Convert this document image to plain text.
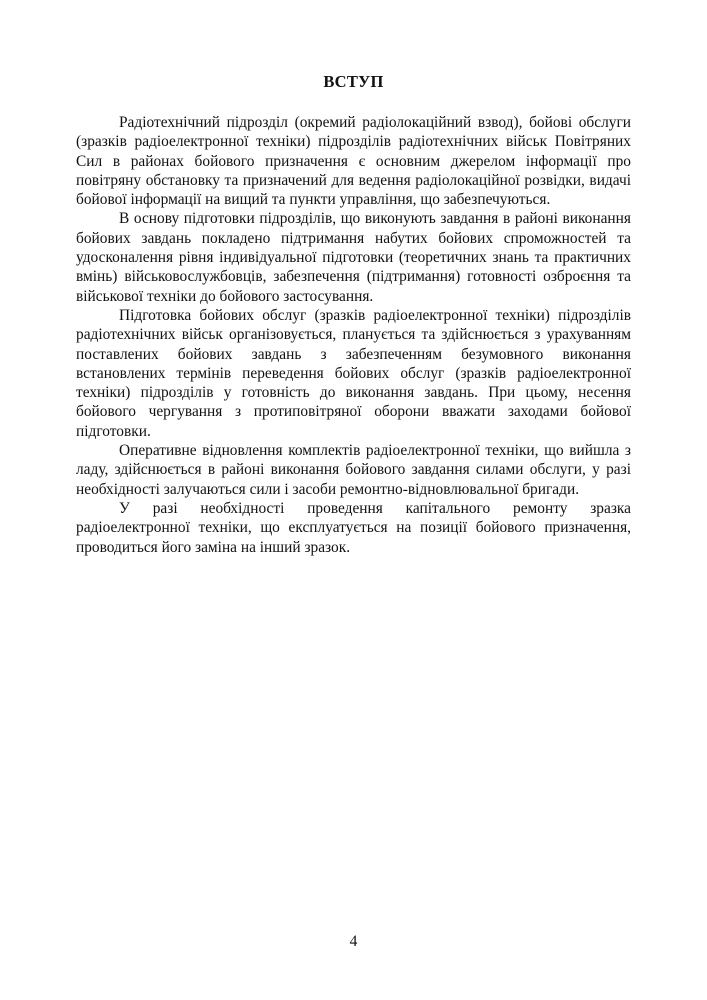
ВСТУП

Радіотехнічний підрозділ (окремий радіолокаційний взвод), бойові обслуги (зразків радіоелектронної техніки) підрозділів радіотехнічних військ Повітряних Сил в районах бойового призначення є основним джерелом інформації про повітряну обстановку та призначений для ведення радіолокаційної розвідки, видачі бойової інформації на вищий та пункти управління, що забезпечуються.

В основу підготовки підрозділів, що виконують завдання в районі виконання бойових завдань покладено підтримання набутих бойових спроможностей та удосконалення рівня індивідуальної підготовки (теоретичних знань та практичних вмінь) військовослужбовців, забезпечення (підтримання) готовності озброєння та військової техніки до бойового застосування.

Підготовка бойових обслуг (зразків радіоелектронної техніки) підрозділів радіотехнічних військ організовується, планується та здійснюється з урахуванням поставлених бойових завдань з забезпеченням безумовного виконання встановлених термінів переведення бойових обслуг (зразків радіоелектронної техніки) підрозділів у готовність до виконання завдань. При цьому, несення бойового чергування з протиповітряної оборони вважати заходами бойової підготовки.

Оперативне відновлення комплектів радіоелектронної техніки, що вийшла з ладу, здійснюється в районі виконання бойового завдання силами обслуги, у разі необхідності залучаються сили і засоби ремонтно-відновлювальної бригади.

У разі необхідності проведення капітального ремонту зразка радіоелектронної техніки, що експлуатується на позиції бойового призначення, проводиться його заміна на інший зразок.

4
